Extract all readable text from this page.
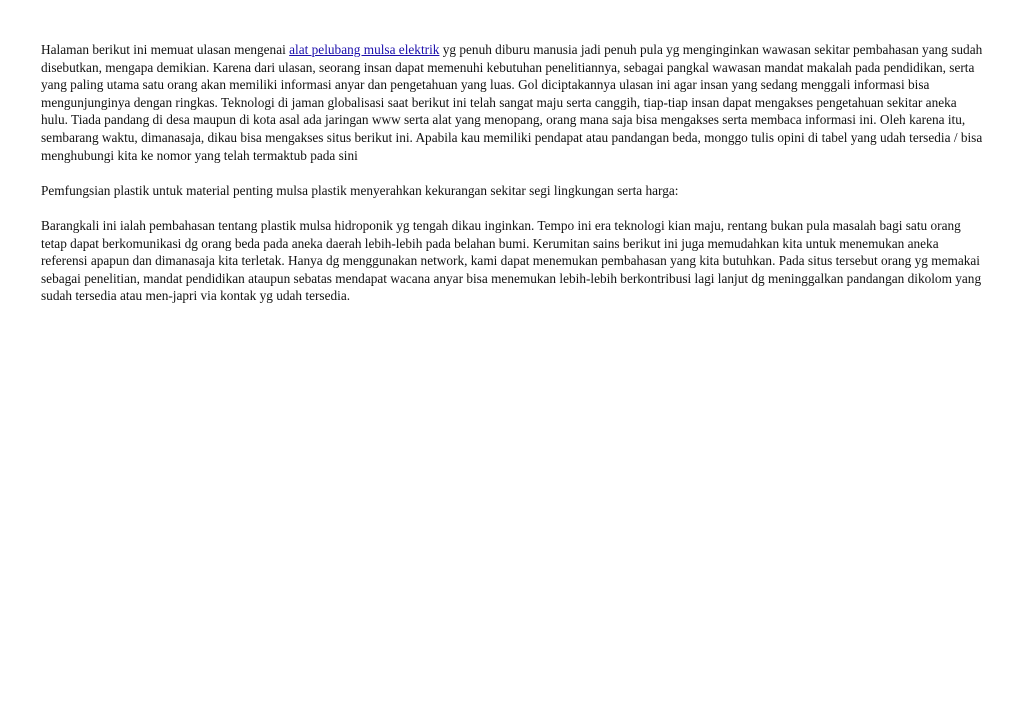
Halaman berikut ini memuat ulasan mengenai alat pelubang mulsa elektrik yg penuh diburu manusia jadi penuh pula yg menginginkan wawasan sekitar pembahasan yang sudah disebutkan, mengapa demikian. Karena dari ulasan, seorang insan dapat memenuhi kebutuhan penelitiannya, sebagai pangkal wawasan mandat makalah pada pendidikan, serta yang paling utama satu orang akan memiliki informasi anyar dan pengetahuan yang luas. Gol diciptakannya ulasan ini agar insan yang sedang menggali informasi bisa mengunjunginya dengan ringkas. Teknologi di jaman globalisasi saat berikut ini telah sangat maju serta canggih, tiap-tiap insan dapat mengakses pengetahuan sekitar aneka hulu. Tiada pandang di desa maupun di kota asal ada jaringan www serta alat yang menopang, orang mana saja bisa mengakses serta membaca informasi ini. Oleh karena itu, sembarang waktu, dimanasaja, dikau bisa mengakses situs berikut ini. Apabila kau memiliki pendapat atau pandangan beda, monggo tulis opini di tabel yang udah tersedia / bisa menghubungi kita ke nomor yang telah termaktub pada sini

Pemfungsian plastik untuk material penting mulsa plastik menyerahkan kekurangan sekitar segi lingkungan serta harga:

Barangkali ini ialah pembahasan tentang plastik mulsa hidroponik yg tengah dikau inginkan. Tempo ini era teknologi kian maju, rentang bukan pula masalah bagi satu orang tetap dapat berkomunikasi dg orang beda pada aneka daerah lebih-lebih pada belahan bumi. Kerumitan sains berikut ini juga memudahkan kita untuk menemukan aneka referensi apapun dan dimanasaja kita terletak. Hanya dg menggunakan network, kami dapat menemukan pembahasan yang kita butuhkan. Pada situs tersebut orang yg memakai sebagai penelitian, mandat pendidikan ataupun sebatas mendapat wacana anyar bisa menemukan lebih-lebih berkontribusi lagi lanjut dg meninggalkan pandangan dikolom yang sudah tersedia atau men-japri via kontak yg udah tersedia.
